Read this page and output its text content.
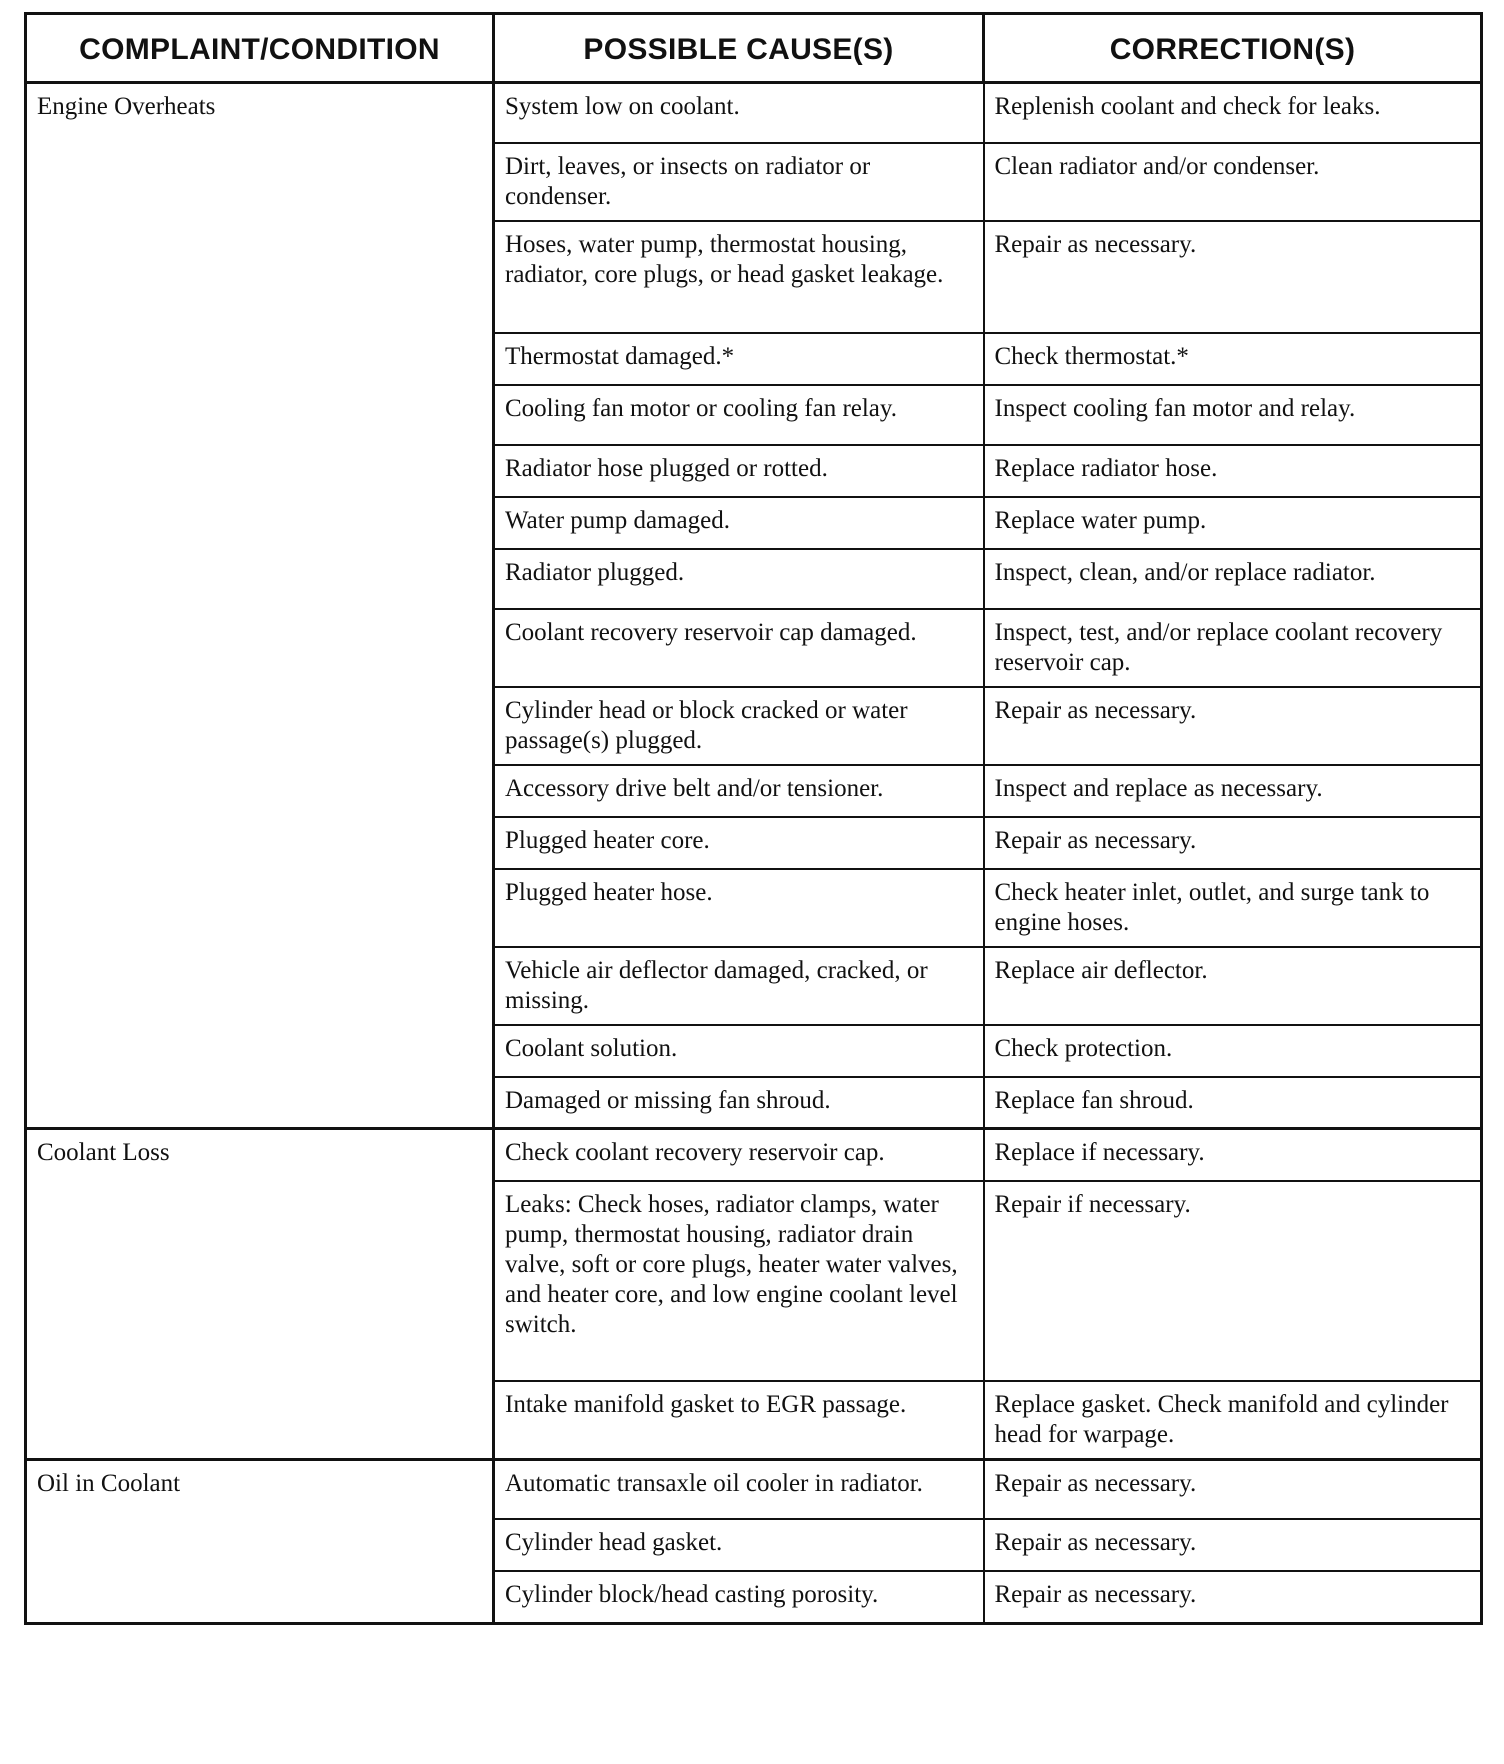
COMPLAINT/CONDITION	POSSIBLE CAUSE(S)	CORRECTION(S)
Engine Overheats	System low on coolant.	Replenish coolant and check for leaks.
	Dirt, leaves, or insects on radiator or condenser.	Clean radiator and/or condenser.
	Hoses, water pump, thermostat housing, radiator, core plugs, or head gasket leakage.	Repair as necessary.
	Thermostat damaged.*	Check thermostat.*
	Cooling fan motor or cooling fan relay.	Inspect cooling fan motor and relay.
	Radiator hose plugged or rotted.	Replace radiator hose.
	Water pump damaged.	Replace water pump.
	Radiator plugged.	Inspect, clean, and/or replace radiator.
	Coolant recovery reservoir cap damaged.	Inspect, test, and/or replace coolant recovery reservoir cap.
	Cylinder head or block cracked or water passage(s) plugged.	Repair as necessary.
	Accessory drive belt and/or tensioner.	Inspect and replace as necessary.
	Plugged heater core.	Repair as necessary.
	Plugged heater hose.	Check heater inlet, outlet, and surge tank to engine hoses.
	Vehicle air deflector damaged, cracked, or missing.	Replace air deflector.
	Coolant solution.	Check protection.
	Damaged or missing fan shroud.	Replace fan shroud.
Coolant Loss	Check coolant recovery reservoir cap.	Replace if necessary.
	Leaks: Check hoses, radiator clamps, water pump, thermostat housing, radiator drain valve, soft or core plugs, heater water valves, and heater core, and low engine coolant level switch.	Repair if necessary.
	Intake manifold gasket to EGR passage.	Replace gasket. Check manifold and cylinder head for warpage.
Oil in Coolant	Automatic transaxle oil cooler in radiator.	Repair as necessary.
	Cylinder head gasket.	Repair as necessary.
	Cylinder block/head casting porosity.	Repair as necessary.
